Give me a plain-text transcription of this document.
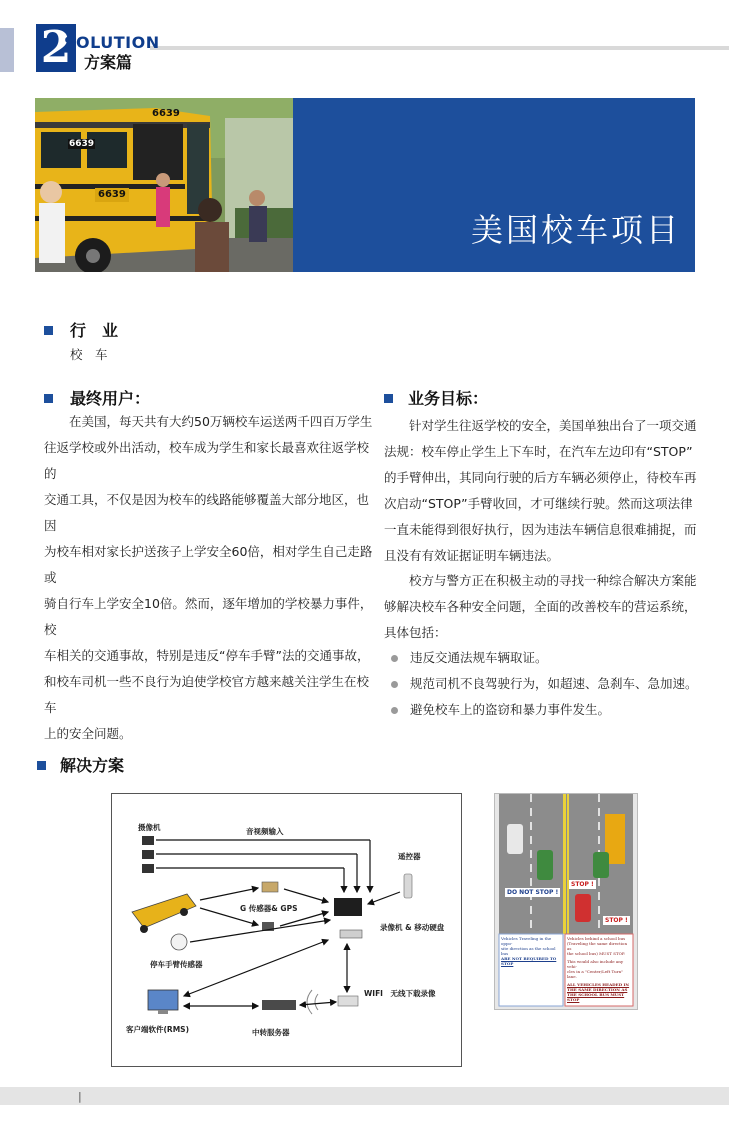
2
SOLUTION
方案篇
6639
6639
6639
美国校车项目
行　业
校　车
最终用户：
　　在美国，每天共有大约50万辆校车运送两千四百万学生
往返学校或外出活动，校车成为学生和家长最喜欢往返学校的
交通工具，不仅是因为校车的线路能够覆盖大部分地区，也因
为校车相对家长护送孩子上学安全60倍，相对学生自己走路或
骑自行车上学安全10倍。然而，逐年增加的学校暴力事件，校
车相关的交通事故，特别是违反“停车手臂”法的交通事故，
和校车司机一些不良行为迫使学校官方越来越关注学生在校车
上的安全问题。
业务目标：
　　针对学生往返学校的安全，美国单独出台了一项交通
法规：校车停止学生上下车时，在汽车左边印有“STOP”
的手臂伸出，其同向行驶的后方车辆必须停止，待校车再
次启动“STOP”手臂收回，才可继续行驶。然而这项法律
一直未能得到很好执行，因为违法车辆信息很难捕捉，而
且没有有效证据证明车辆违法。
　　校方与警方正在积极主动的寻找一种综合解决方案能
够解决校车各种安全问题，全面的改善校车的营运系统，
具体包括：
违反交通法规车辆取证。
规范司机不良驾驶行为，如超速、急刹车、急加速。
避免校车上的盗窃和暴力事件发生。
解决方案
摄像机	音视频输入
遥控器
G 传感器& GPS
录像机 & 移动硬盘
停车手臂传感器
WIFI　无线下载录像
客户端软件(RMS)	中转服务器
DO NOT STOP !
STOP !
STOP !
Vehicles Traveling in the oppo-
site direction as the school bus
ARE NOT REQUIRED TO
STOP
Vehicles behind a school bus
(Traveling the same direction as
the school bus) MUST STOP.
This would also include any vehi-
cles in a "Center/Left Turn" lane.
ALL VEHICLES HEADED IN
THE SAME DIRECTION AS
THE SCHOOL BUS MUST
STOP
|
